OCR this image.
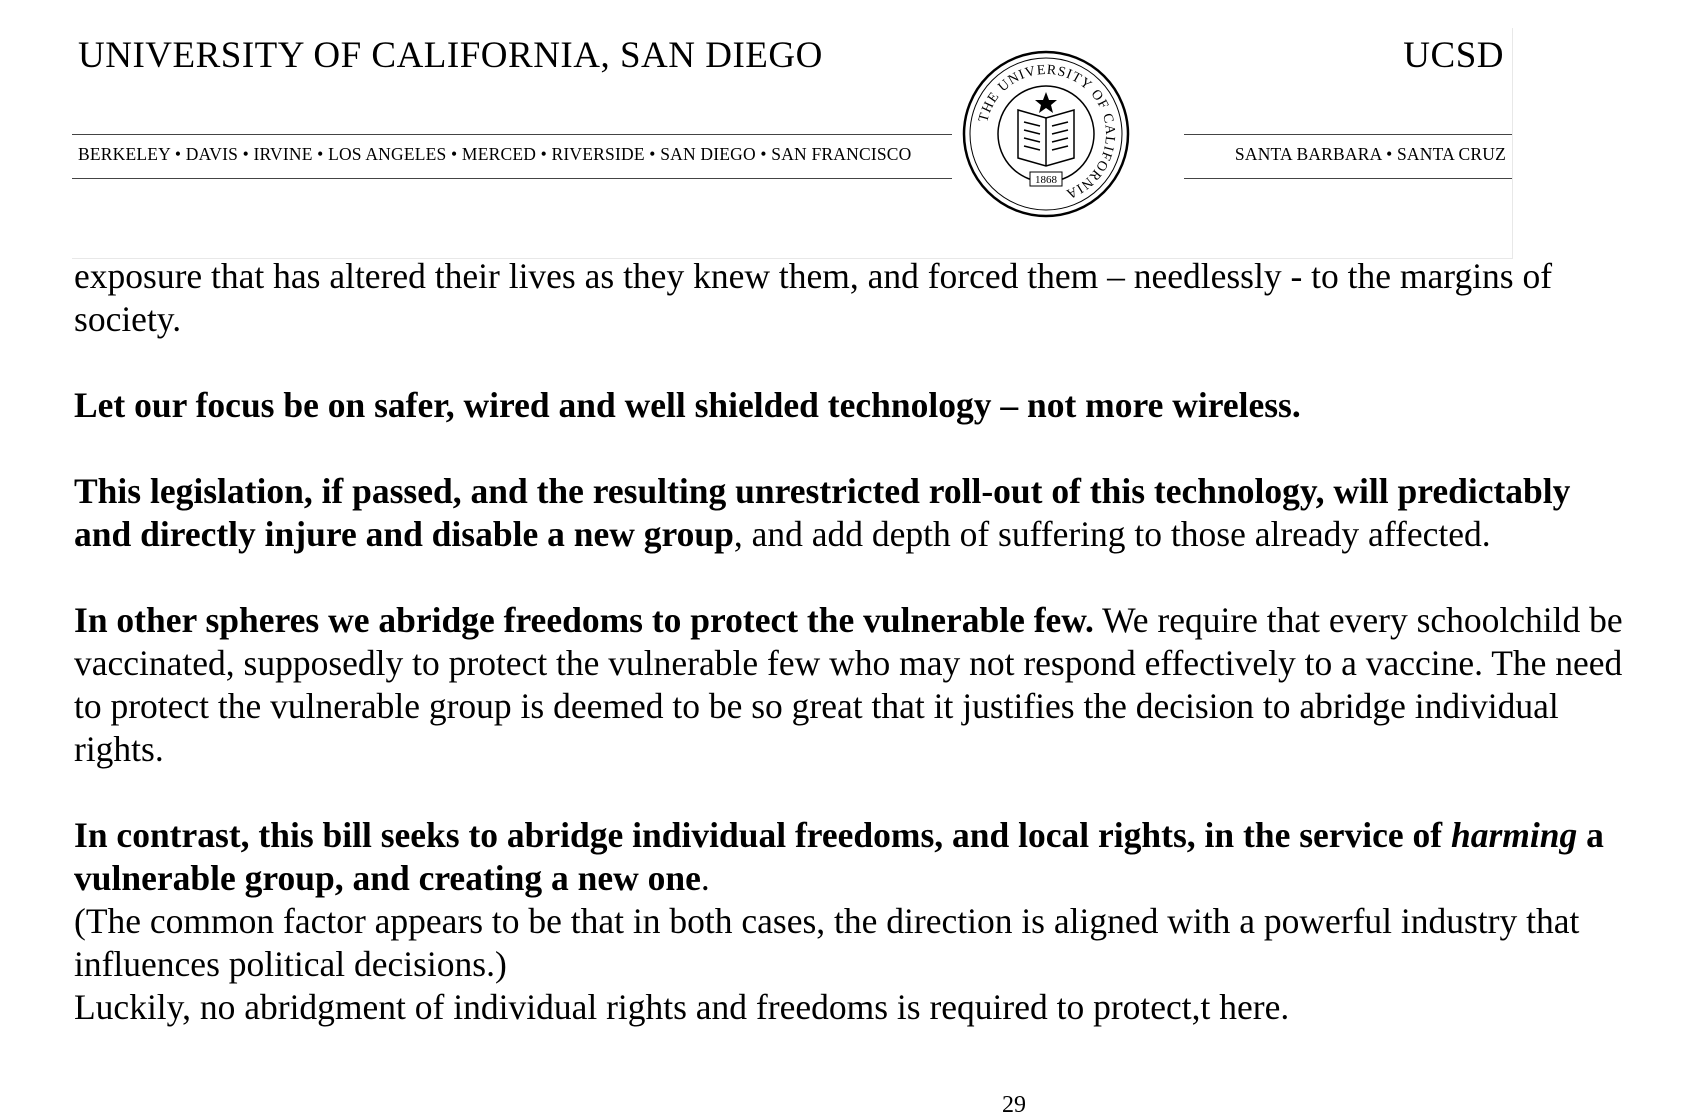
UNIVERSITY OF CALIFORNIA, SAN DIEGO	UCSD
BERKELEY • DAVIS • IRVINE • LOS ANGELES • MERCED • RIVERSIDE • SAN DIEGO • SAN FRANCISCO	SANTA BARBARA • SANTA CRUZ
THE UNIVERSITY OF CALIFORNIA
1868

exposure that has altered their lives as they knew them, and forced them – needlessly - to the margins of society.

Let our focus be on safer, wired and well shielded technology – not more wireless.

This legislation, if passed, and the resulting unrestricted roll-out of this technology, will predictably and directly injure and disable a new group, and add depth of suffering to those already affected.

In other spheres we abridge freedoms to protect the vulnerable few. We require that every schoolchild be vaccinated, supposedly to protect the vulnerable few who may not respond effectively to a vaccine. The need to protect the vulnerable group is deemed to be so great that it justifies the decision to abridge individual rights.

In contrast, this bill seeks to abridge individual freedoms, and local rights, in the service of harming a vulnerable group, and creating a new one.

(The common factor appears to be that in both cases, the direction is aligned with a powerful industry that influences political decisions.)

Luckily, no abridgment of individual rights and freedoms is required to protect,t here.

29
